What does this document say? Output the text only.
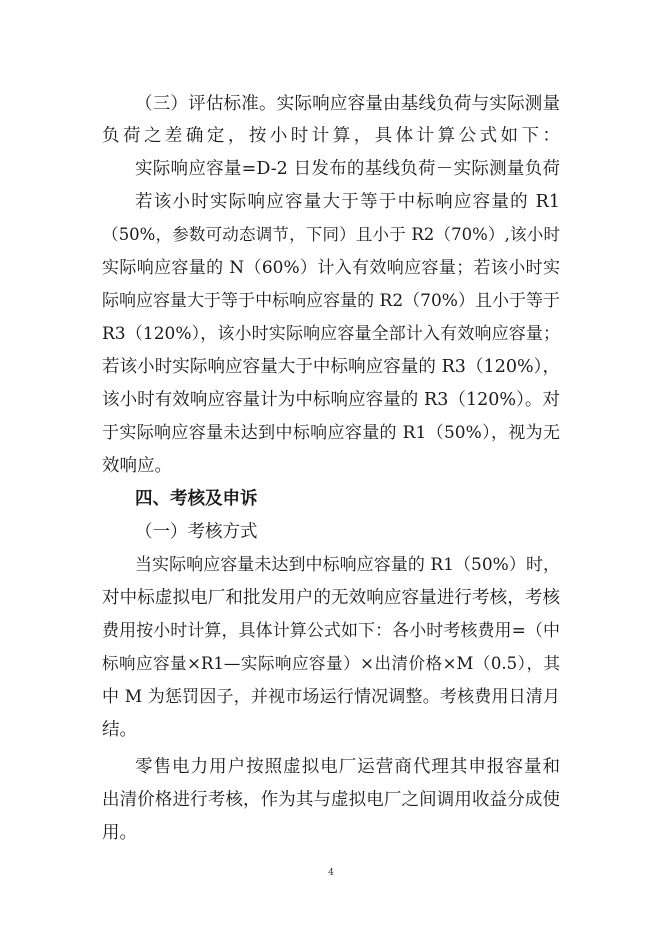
（三）评估标准。实际响应容量由基线负荷与实际测量
负荷之差确定，按小时计算，具体计算公式如下：
实际响应容量=D-2 日发布的基线负荷－实际测量负荷
若该小时实际响应容量大于等于中标响应容量的 R1
（50%，参数可动态调节，下同）且小于 R2（70%）,该小时
实际响应容量的 N（60%）计入有效响应容量；若该小时实
际响应容量大于等于中标响应容量的 R2（70%）且小于等于
R3（120%），该小时实际响应容量全部计入有效响应容量；
若该小时实际响应容量大于中标响应容量的 R3（120%），
该小时有效响应容量计为中标响应容量的 R3（120%）。对
于实际响应容量未达到中标响应容量的 R1（50%），视为无
效响应。
四、考核及申诉
（一）考核方式
当实际响应容量未达到中标响应容量的 R1（50%）时，
对中标虚拟电厂和批发用户的无效响应容量进行考核，考核
费用按小时计算，具体计算公式如下：各小时考核费用=（中
标响应容量×R1—实际响应容量）×出清价格×M（0.5），其
中 M 为惩罚因子，并视市场运行情况调整。考核费用日清月
结。
零售电力用户按照虚拟电厂运营商代理其申报容量和
出清价格进行考核，作为其与虚拟电厂之间调用收益分成使
用。
4
